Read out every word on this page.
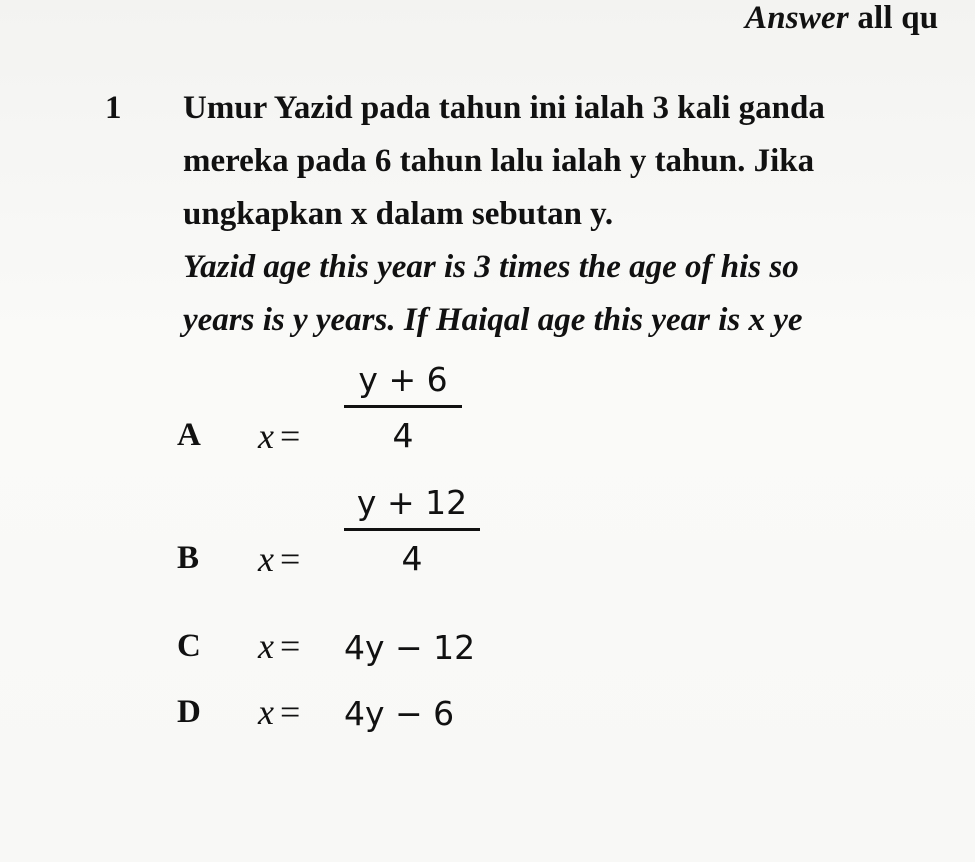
Answer all qu
1 Umur Yazid pada tahun ini ialah 3 kali ganda
mereka pada 6 tahun lalu ialah y tahun. Jika
ungkapkan x dalam sebutan y.
Yazid age this year is 3 times the age of his so
years is y years. If Haiqal age this year is x ye
A x =
y + 6
4
B x =
y + 12
4
C x = 4y − 12
D x = 4y − 6
